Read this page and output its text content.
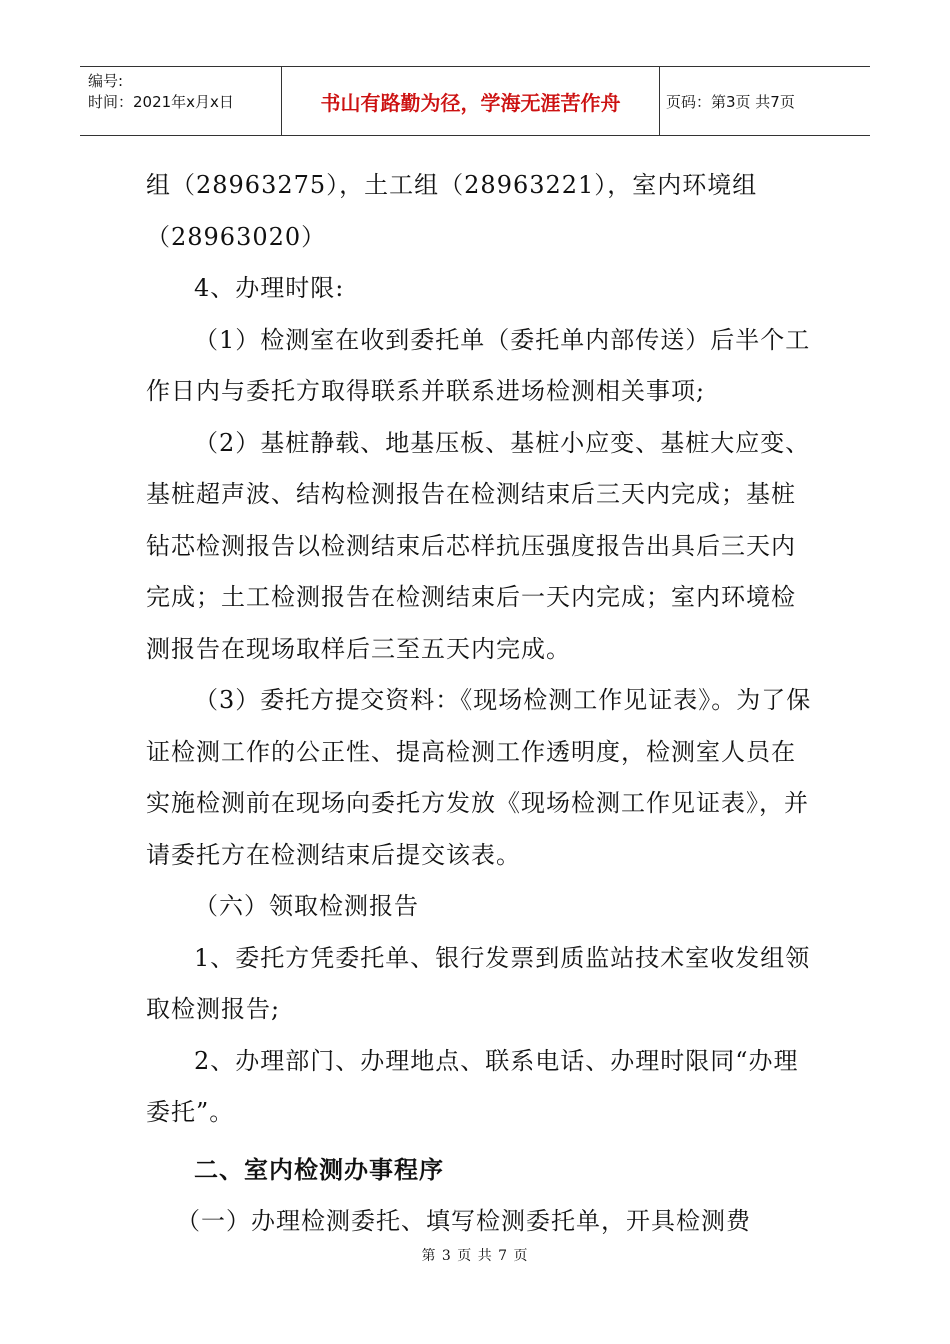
编号:
时间：2021年x月x日	书山有路勤为径，学海无涯苦作舟	页码：第3页 共7页

组（28963275），土工组（28963221），室内环境组（28963020）

4、办理时限:

（1）检测室在收到委托单（委托单内部传送）后半个工作日内与委托方取得联系并联系进场检测相关事项;

（2）基桩静载、地基压板、基桩小应变、基桩大应变、基桩超声波、结构检测报告在检测结束后三天内完成；基桩钻芯检测报告以检测结束后芯样抗压强度报告出具后三天内完成；土工检测报告在检测结束后一天内完成；室内环境检测报告在现场取样后三至五天内完成。

（3）委托方提交资料：《现场检测工作见证表》。为了保证检测工作的公正性、提高检测工作透明度，检测室人员在实施检测前在现场向委托方发放《现场检测工作见证表》，并请委托方在检测结束后提交该表。

（六）领取检测报告

1、委托方凭委托单、银行发票到质监站技术室收发组领取检测报告;

2、办理部门、办理地点、联系电话、办理时限同“办理委托”。

二、室内检测办事程序

（一）办理检测委托、填写检测委托单，开具检测费

第 3 页 共 7 页
